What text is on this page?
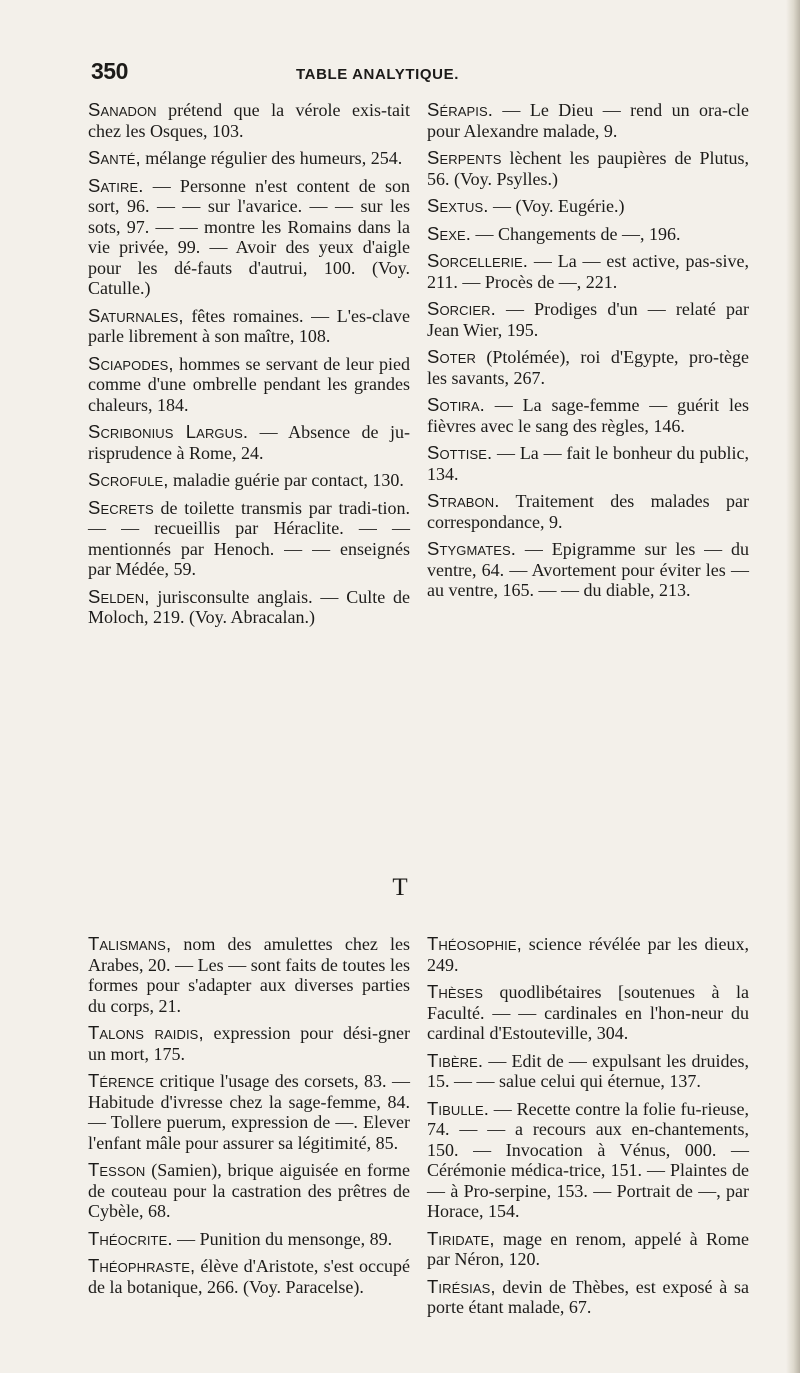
350	TABLE ANALYTIQUE.

Sanadon prétend que la vérole exis-tait chez les Osques, 103.

Santé, mélange régulier des humeurs, 254.

Satire. — Personne n'est content de son sort, 96. — — sur l'avarice. — — sur les sots, 97. — — montre les Romains dans la vie privée, 99. — Avoir des yeux d'aigle pour les dé-fauts d'autrui, 100. (Voy. Catulle.)

Saturnales, fêtes romaines. — L'es-clave parle librement à son maître, 108.

Sciapodes, hommes se servant de leur pied comme d'une ombrelle pendant les grandes chaleurs, 184.

Scribonius Largus. — Absence de ju-risprudence à Rome, 24.

Scrofule, maladie guérie par contact, 130.

Secrets de toilette transmis par tradi-tion. — — recueillis par Héraclite. — — mentionnés par Henoch. — — enseignés par Médée, 59.

Selden, jurisconsulte anglais. — Culte de Moloch, 219. (Voy. Abracalan.)

Sérapis. — Le Dieu — rend un ora-cle pour Alexandre malade, 9.

Serpents lèchent les paupières de Plutus, 56. (Voy. Psylles.)

Sextus. — (Voy. Eugérie.)

Sexe. — Changements de —, 196.

Sorcellerie. — La — est active, pas-sive, 211. — Procès de —, 221.

Sorcier. — Prodiges d'un — relaté par Jean Wier, 195.

Soter (Ptolémée), roi d'Egypte, pro-tège les savants, 267.

Sotira. — La sage-femme — guérit les fièvres avec le sang des règles, 146.

Sottise. — La — fait le bonheur du public, 134.

Strabon. Traitement des malades par correspondance, 9.

Stygmates. — Epigramme sur les — du ventre, 64. — Avortement pour éviter les — au ventre, 165. — — du diable, 213.

T

Talismans, nom des amulettes chez les Arabes, 20. — Les — sont faits de toutes les formes pour s'adapter aux diverses parties du corps, 21.

Talons raidis, expression pour dési-gner un mort, 175.

Térence critique l'usage des corsets, 83. — Habitude d'ivresse chez la sage-femme, 84. — Tollere puerum, expression de —. Elever l'enfant mâle pour assurer sa légitimité, 85.

Tesson (Samien), brique aiguisée en forme de couteau pour la castration des prêtres de Cybèle, 68.

Théocrite. — Punition du mensonge, 89.

Théophraste, élève d'Aristote, s'est occupé de la botanique, 266. (Voy. Paracelse).

Théosophie, science révélée par les dieux, 249.

Thèses quodlibétaires [soutenues à la Faculté. — — cardinales en l'hon-neur du cardinal d'Estouteville, 304.

Tibère. — Edit de — expulsant les druides, 15. — — salue celui qui éternue, 137.

Tibulle. — Recette contre la folie fu-rieuse, 74. — — a recours aux en-chantements, 150. — Invocation à Vénus, 000. — Cérémonie médica-trice, 151. — Plaintes de — à Pro-serpine, 153. — Portrait de —, par Horace, 154.

Tiridate, mage en renom, appelé à Rome par Néron, 120.

Tirésias, devin de Thèbes, est exposé à sa porte étant malade, 67.
